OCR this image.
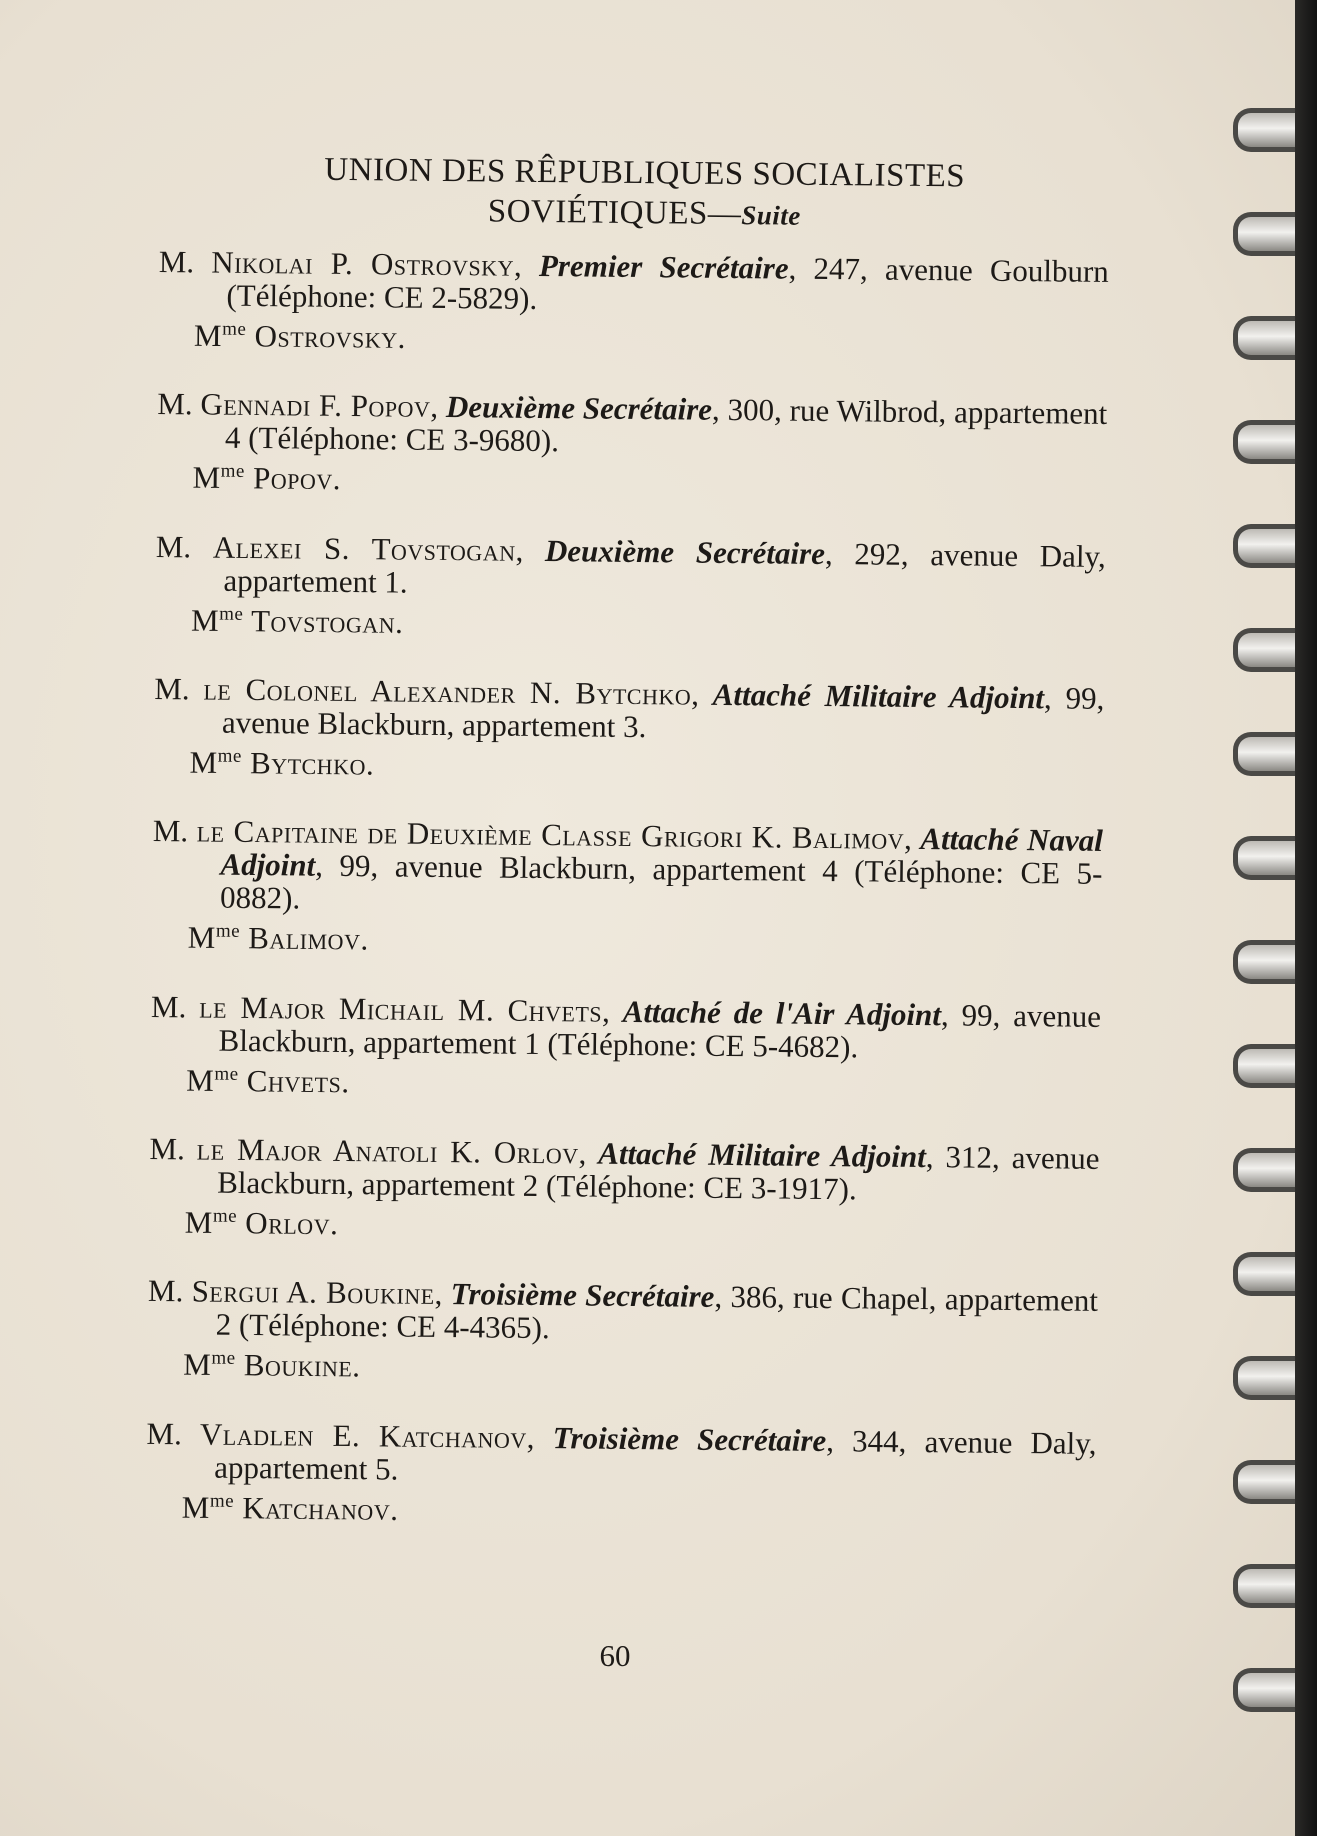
UNION DES RÊPUBLIQUES SOCIALISTES
SOVIÉTIQUES—Suite
M. Nikolai P. Ostrovsky, Premier Secrétaire, 247, avenue Goulburn (Téléphone: CE 2-5829).
$M^{me}$ Ostrovsky.
M. Gennadi F. Popov, Deuxième Secrétaire, 300, rue Wilbrod, appartement 4 (Téléphone: CE 3-9680).
$M^{me}$ Popov.
M. Alexei S. Tovstogan, Deuxième Secrétaire, 292, avenue Daly, appartement 1.
$M^{me}$ Tovstogan.
M. le Colonel Alexander N. Bytchko, Attaché Militaire Adjoint, 99, avenue Blackburn, appartement 3.
$M^{me}$ Bytchko.
M. le Capitaine de Deuxième Classe Grigori K. Balimov, Attaché Naval Adjoint, 99, avenue Blackburn, appartement 4 (Téléphone: CE 5-0882).
$M^{me}$ Balimov.
M. le Major Michail M. Chvets, Attaché de l'Air Adjoint, 99, avenue Blackburn, appartement 1 (Téléphone: CE 5-4682).
$M^{me}$ Chvets.
M. le Major Anatoli K. Orlov, Attaché Militaire Adjoint, 312, avenue Blackburn, appartement 2 (Téléphone: CE 3-1917).
$M^{me}$ Orlov.
M. Sergui A. Boukine, Troisième Secrétaire, 386, rue Chapel, appartement 2 (Téléphone: CE 4-4365).
$M^{me}$ Boukine.
M. Vladlen E. Katchanov, Troisième Secrétaire, 344, avenue Daly, appartement 5.
$M^{me}$ Katchanov.
60
